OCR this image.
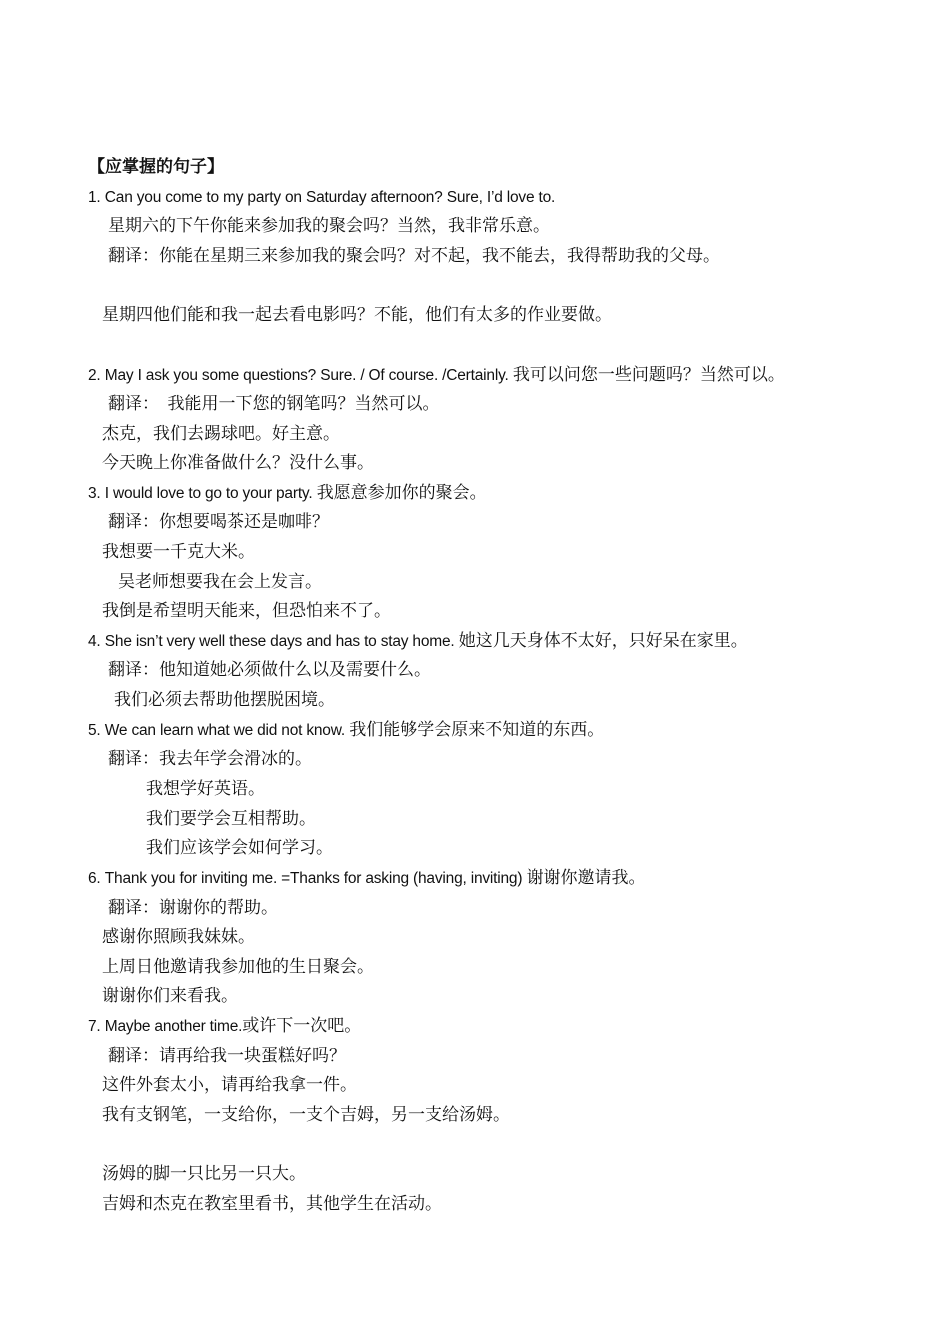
【应掌握的句子】
1. Can you come to my party on Saturday afternoon? Sure, I’d love to.
星期六的下午你能来参加我的聚会吗？当然，我非常乐意。
翻译：你能在星期三来参加我的聚会吗？对不起，我不能去，我得帮助我的父母。
星期四他们能和我一起去看电影吗？不能，他们有太多的作业要做。
2. May I ask you some questions? Sure. / Of course. /Certainly. 我可以问您一些问题吗？当然可以。
翻译：　我能用一下您的钢笔吗？当然可以。
杰克，我们去踢球吧。好主意。
今天晚上你准备做什么？没什么事。
3. I would love to go to your party. 我愿意参加你的聚会。
翻译：你想要喝茶还是咖啡？
我想要一千克大米。
吴老师想要我在会上发言。
我倒是希望明天能来，但恐怕来不了。
4. She isn’t very well these days and has to stay home. 她这几天身体不太好，只好呆在家里。
翻译：他知道她必须做什么以及需要什么。
我们必须去帮助他摆脱困境。
5. We can learn what we did not know. 我们能够学会原来不知道的东西。
翻译：我去年学会滑冰的。
我想学好英语。
我们要学会互相帮助。
我们应该学会如何学习。
6. Thank you for inviting me. =Thanks for asking (having, inviting) 谢谢你邀请我。
翻译：谢谢你的帮助。
感谢你照顾我妹妹。
上周日他邀请我参加他的生日聚会。
谢谢你们来看我。
7. Maybe another time.或许下一次吧。
翻译：请再给我一块蛋糕好吗？
这件外套太小，请再给我拿一件。
我有支钢笔，一支给你，一支个吉姆，另一支给汤姆。
汤姆的脚一只比另一只大。
吉姆和杰克在教室里看书，其他学生在活动。
